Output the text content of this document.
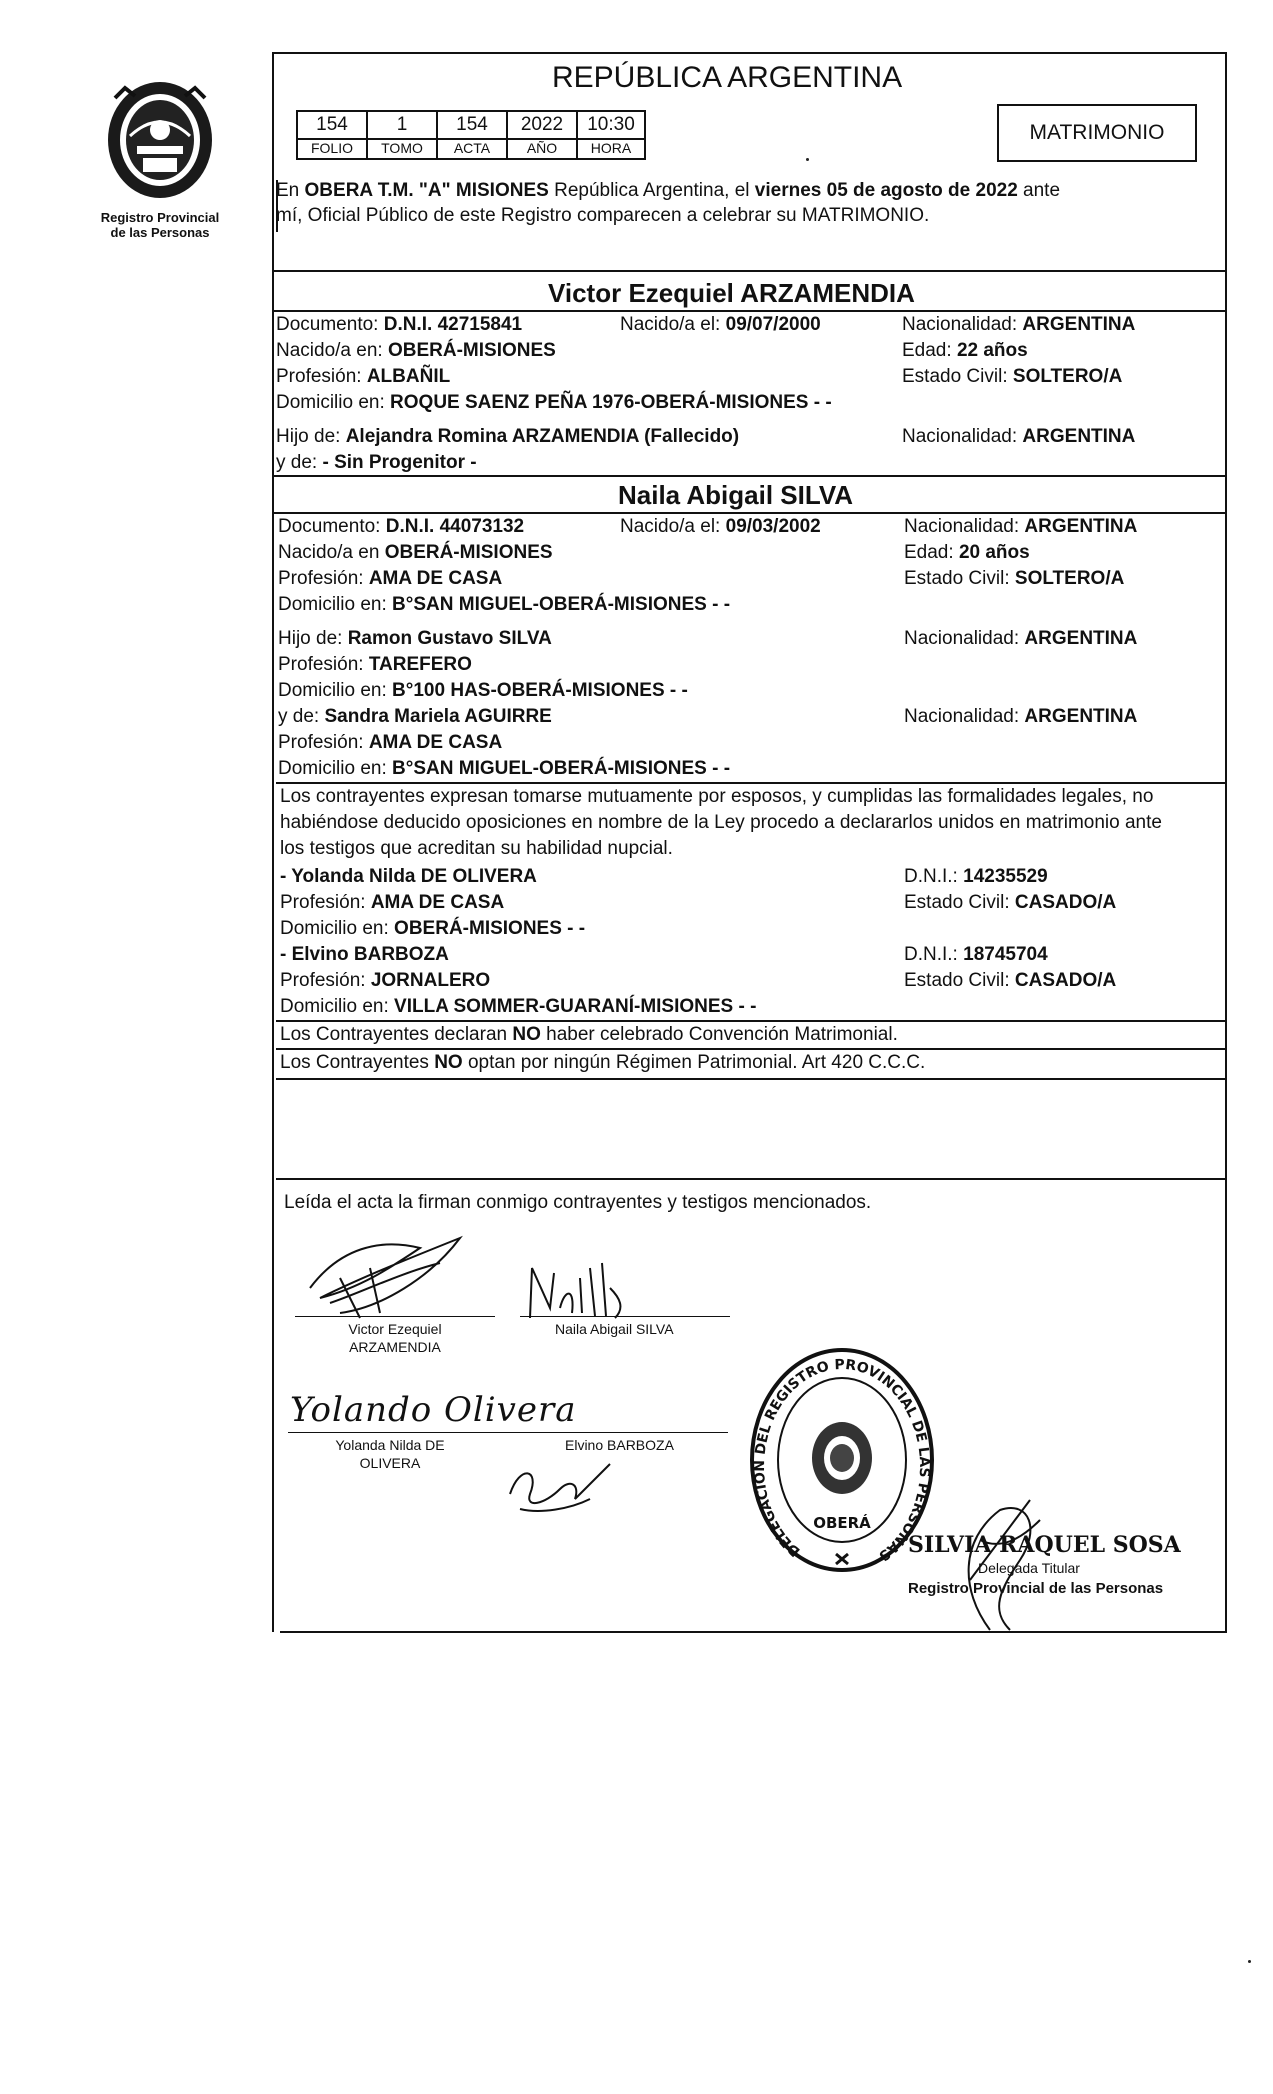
Registro Provincial
de las Personas
REPÚBLICA ARGENTINA
154	1	154	2022	10:30
FOLIO	TOMO	ACTA	AÑO	HORA
MATRIMONIO
En OBERA T.M. "A" MISIONES República Argentina, el viernes 05 de agosto de 2022 ante
mí, Oficial Público de este Registro comparecen a celebrar su MATRIMONIO.
Victor Ezequiel ARZAMENDIA
Documento: D.N.I. 42715841	Nacido/a el: 09/07/2000	Nacionalidad: ARGENTINA
Nacido/a en: OBERÁ-MISIONES	Edad: 22 años
Profesión: ALBAÑIL	Estado Civil: SOLTERO/A
Domicilio en: ROQUE SAENZ PEÑA 1976-OBERÁ-MISIONES - -
Hijo de: Alejandra Romina ARZAMENDIA (Fallecido)	Nacionalidad: ARGENTINA
y de: - Sin Progenitor -
Naila Abigail SILVA
Documento: D.N.I. 44073132	Nacido/a el: 09/03/2002	Nacionalidad: ARGENTINA
Nacido/a en OBERÁ-MISIONES	Edad: 20 años
Profesión: AMA DE CASA	Estado Civil: SOLTERO/A
Domicilio en: B°SAN MIGUEL-OBERÁ-MISIONES - -
Hijo de: Ramon Gustavo SILVA	Nacionalidad: ARGENTINA
Profesión: TAREFERO
Domicilio en: B°100 HAS-OBERÁ-MISIONES - -
y de: Sandra Mariela AGUIRRE	Nacionalidad: ARGENTINA
Profesión: AMA DE CASA
Domicilio en: B°SAN MIGUEL-OBERÁ-MISIONES - -
Los contrayentes expresan tomarse mutuamente por esposos, y cumplidas las formalidades legales, no
habiéndose deducido oposiciones en nombre de la Ley procedo a declararlos unidos en matrimonio ante
los testigos que acreditan su habilidad nupcial.
- Yolanda Nilda DE OLIVERA	D.N.I.: 14235529
Profesión: AMA DE CASA	Estado Civil: CASADO/A
Domicilio en: OBERÁ-MISIONES - -
- Elvino BARBOZA	D.N.I.: 18745704
Profesión: JORNALERO	Estado Civil: CASADO/A
Domicilio en: VILLA SOMMER-GUARANÍ-MISIONES - -
Los Contrayentes declaran NO haber celebrado Convención Matrimonial.
Los Contrayentes NO optan por ningún Régimen Patrimonial. Art 420 C.C.C.
Leída el acta la firman conmigo contrayentes y testigos mencionados.
Victor Ezequiel
ARZAMENDIA
Naila Abigail SILVA
Yolando Olivera
Yolanda Nilda DE
OLIVERA
Elvino BARBOZA
DELEGACION DEL REGISTRO PROVINCIAL DE LAS PERSONAS
OBERÁ
SILVIA RAQUEL SOSA
Delegada Titular
Registro Provincial de las Personas
